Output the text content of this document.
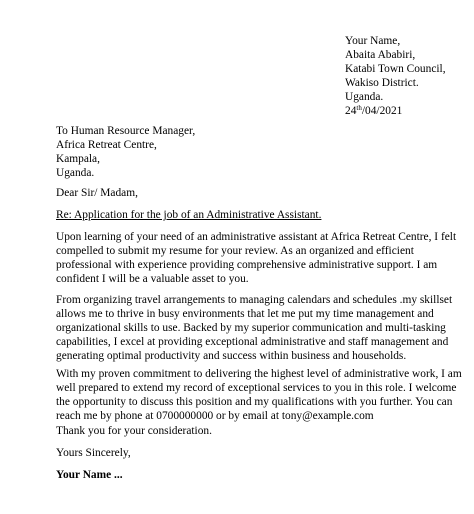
Your Name,
Abaita Ababiri,
Katabi Town Council,
Wakiso District.
Uganda.
24th/04/2021
To Human Resource Manager,
Africa Retreat Centre,
Kampala,
Uganda.
Dear Sir/ Madam,
Re: Application for the job of an Administrative Assistant.
Upon learning of your need of an administrative assistant at Africa Retreat Centre, I felt
compelled to submit my resume for your review. As an organized and efficient
professional with experience providing comprehensive administrative support. I am
confident I will be a valuable asset to you.
From organizing travel arrangements to managing calendars and schedules .my skillset
allows me to thrive in busy environments that let me put my time management and
organizational skills to use. Backed by my superior communication and multi-tasking
capabilities, I excel at providing exceptional administrative and staff management and
generating optimal productivity and success within business and households.
With my proven commitment to delivering the highest level of administrative work, I am
well prepared to extend my record of exceptional services to you in this role. I welcome
the opportunity to discuss this position and my qualifications with you further. You can
reach me by phone at 0700000000 or by email at tony@example.com
Thank you for your consideration.
Yours Sincerely,
Your Name ...
